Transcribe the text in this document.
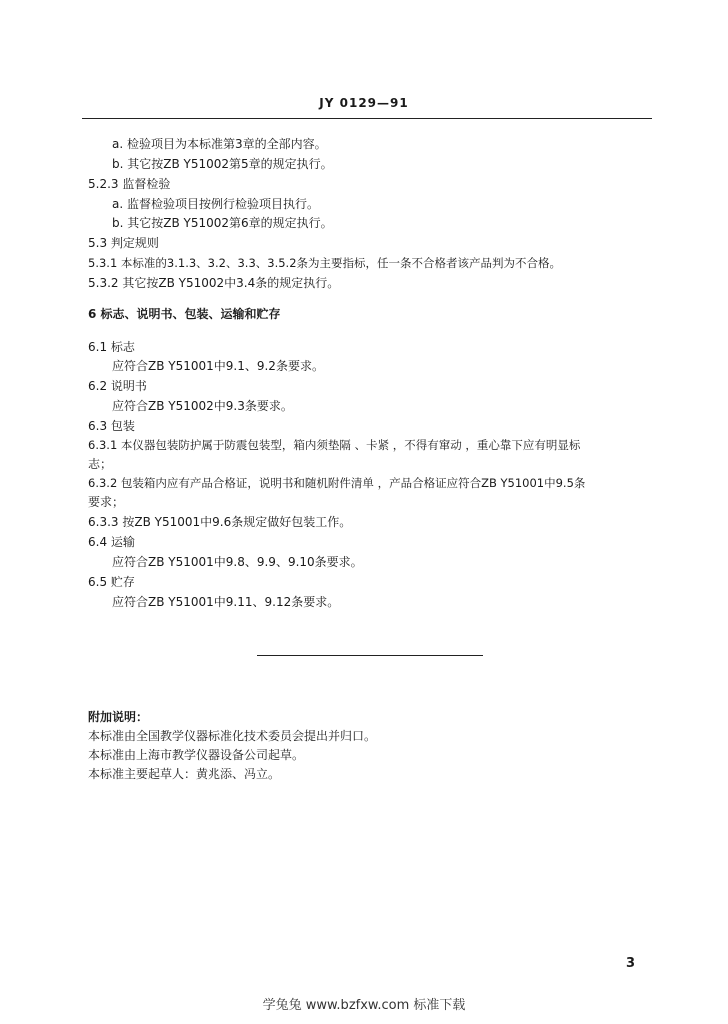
JY 0129—91
a. 检验项目为本标准第3章的全部内容。
b. 其它按ZB Y51002第5章的规定执行。
5.2.3 监督检验
a. 监督检验项目按例行检验项目执行。
b. 其它按ZB Y51002第6章的规定执行。
5.3 判定规则
5.3.1 本标准的3.1.3、3.2、3.3、3.5.2条为主要指标，任一条不合格者该产品判为不合格。
5.3.2 其它按ZB Y51002中3.4条的规定执行。
6 标志、说明书、包装、运输和贮存
6.1 标志
应符合ZB Y51001中9.1、9.2条要求。
6.2 说明书
应符合ZB Y51002中9.3条要求。
6.3 包装
6.3.1 本仪器包装防护属于防震包装型，箱内须垫隔 、卡紧 ，不得有窜动 ，重心靠下应有明显标
志；
6.3.2 包装箱内应有产品合格证，说明书和随机附件清单 ，产品合格证应符合ZB Y51001中9.5条
要求；
6.3.3 按ZB Y51001中9.6条规定做好包装工作。
6.4 运输
应符合ZB Y51001中9.8、9.9、9.10条要求。
6.5 贮存
应符合ZB Y51001中9.11、9.12条要求。
附加说明：
本标准由全国教学仪器标准化技术委员会提出并归口。
本标准由上海市教学仪器设备公司起草。
本标准主要起草人：黄兆添、冯立。
3
学兔兔 www.bzfxw.com 标准下载
